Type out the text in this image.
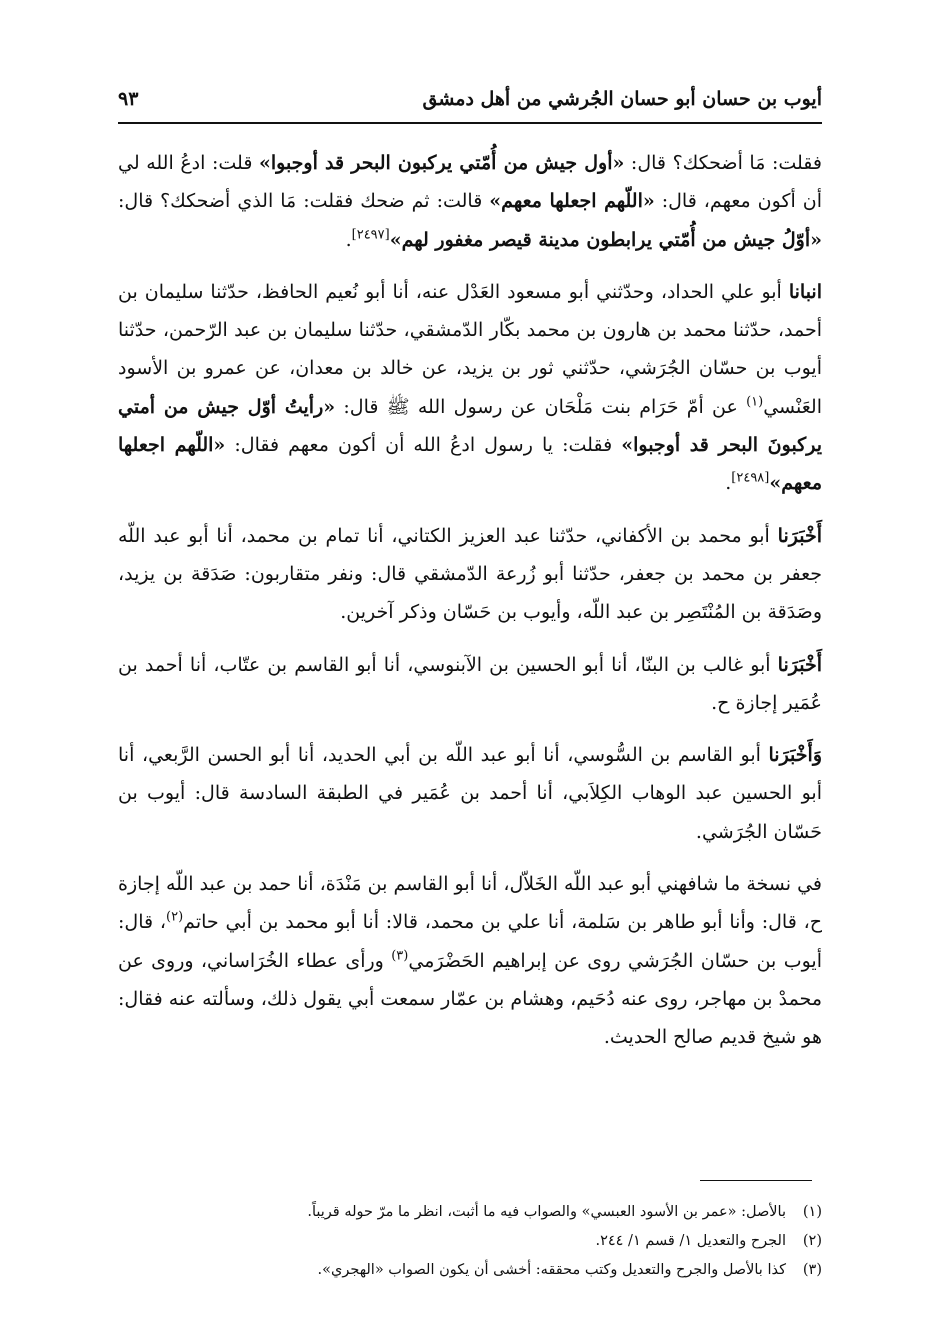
أيوب بن حسان أبو حسان الجُرشي من أهل دمشق
٩٣

فقلت: مَا أضحكك؟ قال: «أول جيش من أُمّتي يركبون البحر قد أوجبوا» قلت: ادعُ الله لي أن أكون معهم، قال: «اللّهم اجعلها معهم» قالت: ثم ضحك فقلت: مَا الذي أضحكك؟ قال: «أوّلُ جيش من أُمّتي يرابطون مدينة قيصر مغفور لهم»[٢٤٩٧].

انبانا أبو علي الحداد، وحدّثني أبو مسعود العَدْل عنه، أنا أبو نُعيم الحافظ، حدّثنا سليمان بن أحمد، حدّثنا محمد بن هارون بن محمد بكّار الدّمشقي، حدّثنا سليمان بن عبد الرّحمن، حدّثنا أيوب بن حسّان الجُرَشي، حدّثني ثور بن يزيد، عن خالد بن معدان، عن عمرو بن الأسود العَنْسي$^{(١)}$ عن أمّ حَرَام بنت مَلْحَان عن رسول الله ﷺ قال: «رأيتُ أوّل جيش من أمتي يركبونَ البحر قد أوجبوا» فقلت: يا رسول ادعُ الله أن أكون معهم فقال: «اللّهم اجعلها معهم»[٢٤٩٨].

أَخْبَرَنا أبو محمد بن الأكفاني، حدّثنا عبد العزيز الكتاني، أنا تمام بن محمد، أنا أبو عبد اللّه جعفر بن محمد بن جعفر، حدّثنا أبو زُرعة الدّمشقي قال: ونفر متقاربون: صَدَقة بن يزيد، وصَدَقة بن المُنْتَصِر بن عبد اللّه، وأيوب بن حَسّان وذكر آخرين.

أَخْبَرَنا أبو غالب بن البنّا، أنا أبو الحسين بن الآبنوسي، أنا أبو القاسم بن عتّاب، أنا أحمد بن عُمَير إجازة ح.

وَأَخْبَرَنا أبو القاسم بن السُّوسي، أنا أبو عبد اللّه بن أبي الحديد، أنا أبو الحسن الرَّبعي، أنا أبو الحسين عبد الوهاب الكِلاَبي، أنا أحمد بن عُمَير في الطبقة السادسة قال: أيوب بن حَسّان الجُرَشي.

في نسخة ما شافهني أبو عبد اللّه الخَلاّل، أنا أبو القاسم بن مَنْدَة، أنا حمد بن عبد اللّه إجازة ح، قال: وأنا أبو طاهر بن سَلمة، أنا علي بن محمد، قالا: أنا أبو محمد بن أبي حاتم$^{(٢)}$، قال: أيوب بن حسّان الجُرَشي روى عن إبراهيم الحَضْرَمي$^{(٣)}$ ورأى عطاء الخُرَاساني، وروى عن محمدْ بن مهاجر، روى عنه دُحَيم، وهشام بن عمّار سمعت أبي يقول ذلك، وسألته عنه فقال: هو شيخ قديم صالح الحديث.

(١)
بالأصل: «عمر بن الأسود العبسي» والصواب فيه ما أثبت، انظر ما مرّ حوله قريباً.
(٢)
الجرح والتعديل ١/ قسم ١/ ٢٤٤.
(٣)
كذا بالأصل والجرح والتعديل وكتب محققه: أخشى أن يكون الصواب «الهجري».
